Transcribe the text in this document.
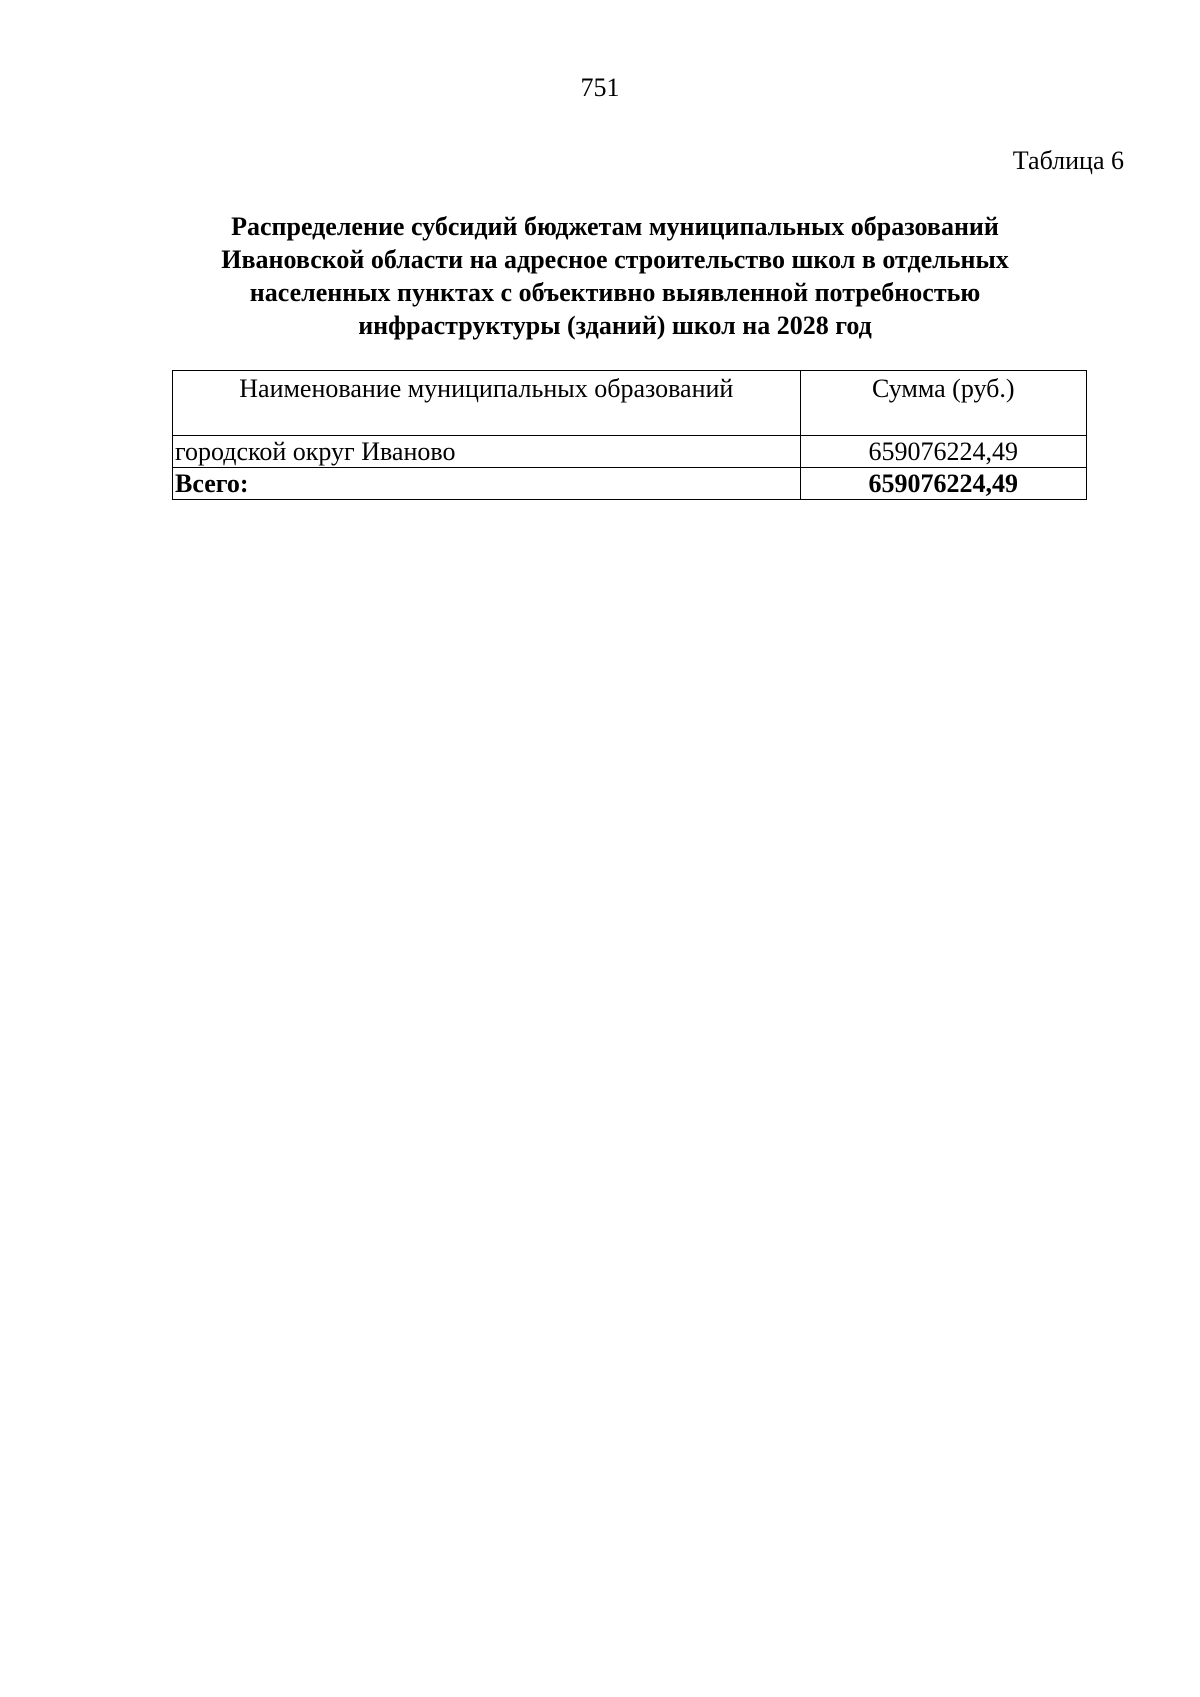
751
Таблица 6
Распределение субсидий бюджетам муниципальных образований
Ивановской области на адресное строительство школ в отдельных
населенных пунктах с объективно выявленной потребностью
инфраструктуры (зданий) школ на 2028 год
Наименование муниципальных образований	Сумма (руб.)
городской округ Иваново	659076224,49
Всего:	659076224,49
